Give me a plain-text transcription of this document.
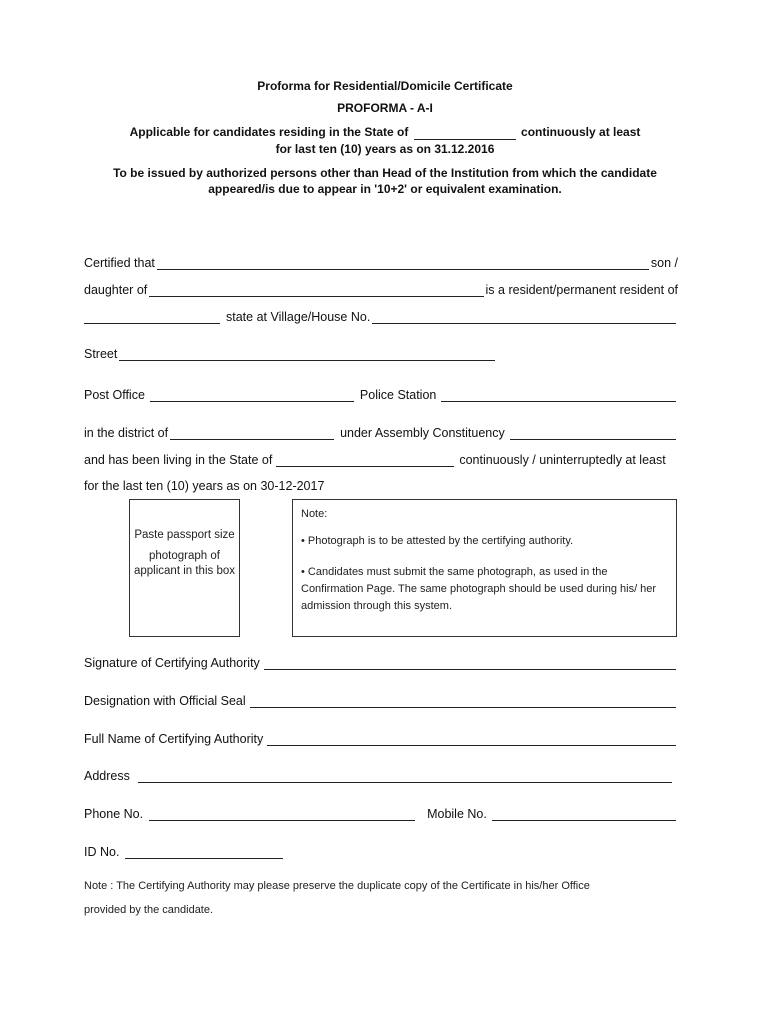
Proforma for Residential/Domicile Certificate
PROFORMA - A-I
Applicable for candidates residing in the State of	continuously at least
for last ten (10) years as on 31.12.2016
To be issued by authorized persons other than Head of the Institution from which the candidate
appeared/is due to appear in '10+2' or equivalent examination.
Certified that	son /
daughter of	is a resident/permanent resident of
state at Village/House No.
Street
Post Office	Police Station
in the district of	under Assembly Constituency
and has been living in the State of	continuously / uninterruptedly at least
for the last ten (10) years as on 30-12-2017
Paste passport size
photograph of applicant in this box
Note:
• Photograph is to be attested by the certifying authority.
• Candidates must submit the same photograph, as used in the Confirmation Page. The same photograph should be used during his/ her admission through this system.
Signature of Certifying Authority
Designation with Official Seal
Full Name of Certifying Authority
Address
Phone No.	Mobile No.
ID No.
Note : The Certifying Authority may please preserve the duplicate copy of the Certificate in his/her Office
provided by the candidate.
